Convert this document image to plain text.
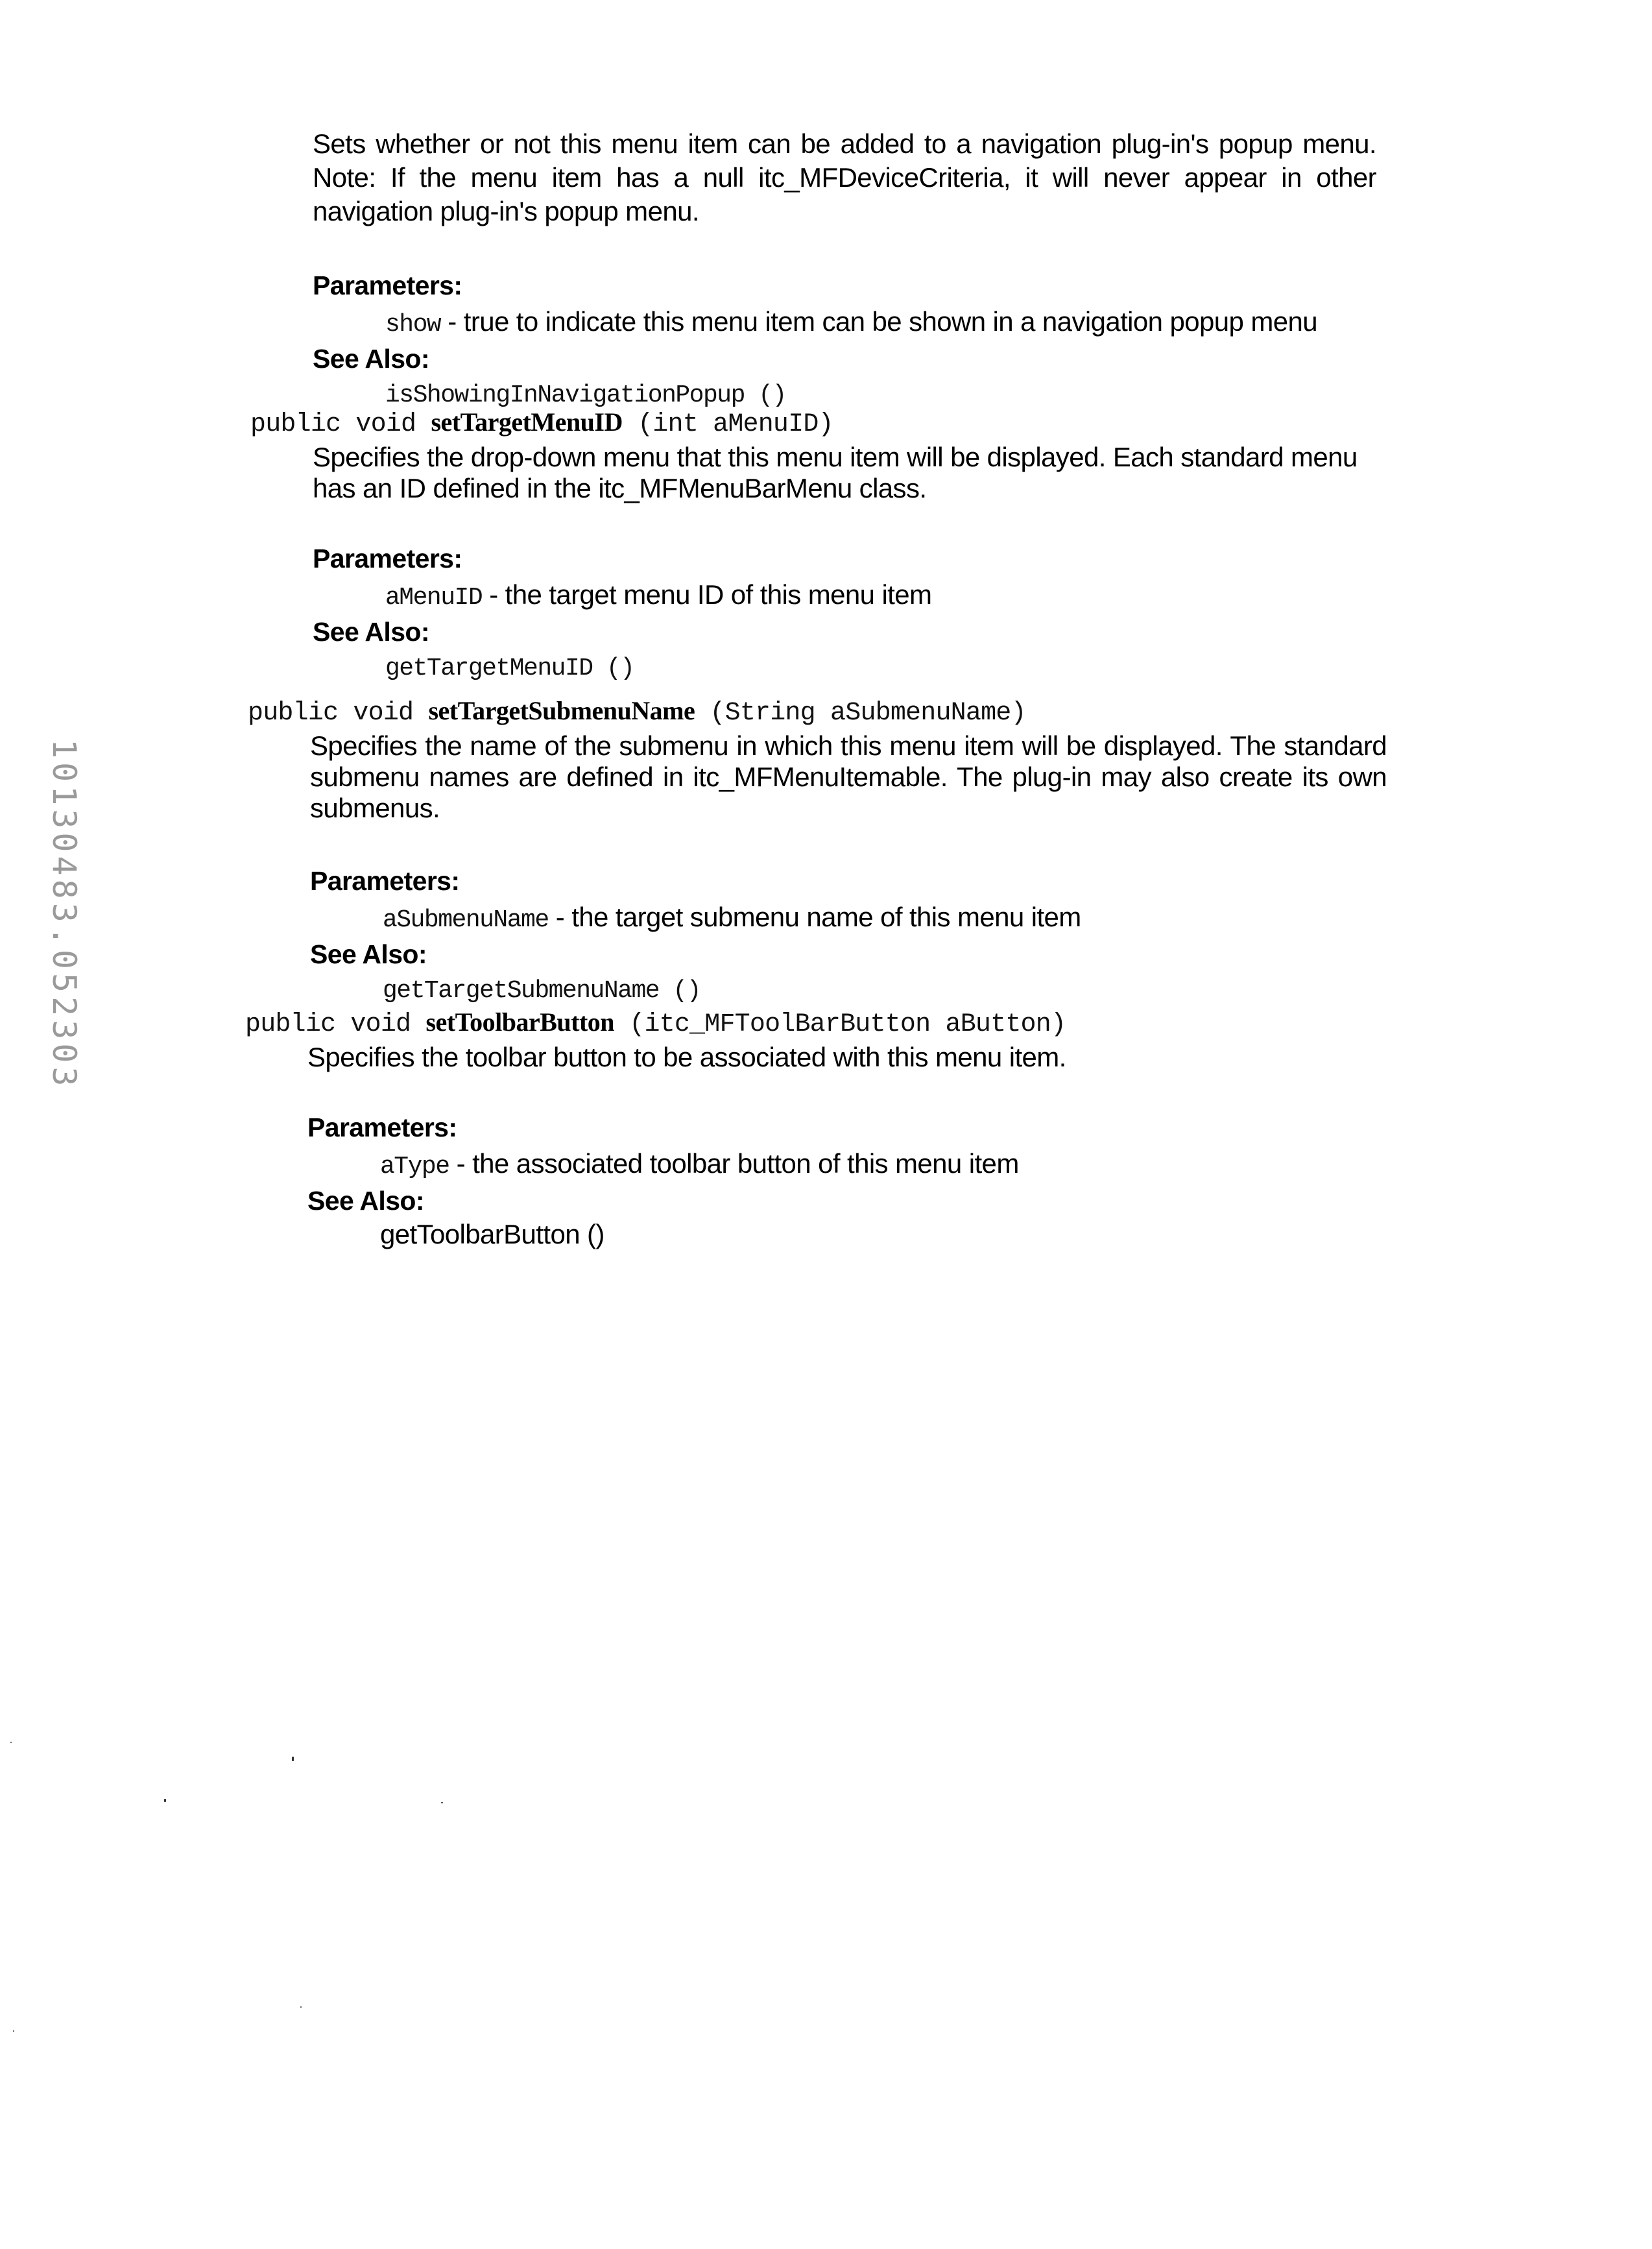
Sets whether or not this menu item can be added to a navigation plug-in's popup menu. Note: If the menu item has a null itc_MFDeviceCriteria, it will never appear in other navigation plug-in's popup menu.
Parameters:
show - true to indicate this menu item can be shown in a navigation popup menu
See Also:
isShowingInNavigationPopup ()
public void setTargetMenuID (int aMenuID)
Specifies the drop-down menu that this menu item will be displayed. Each standard menu has an ID defined in the itc_MFMenuBarMenu class.
Parameters:
aMenuID - the target menu ID of this menu item
See Also:
getTargetMenuID ()
public void setTargetSubmenuName (String aSubmenuName)
Specifies the name of the submenu in which this menu item will be displayed. The standard submenu names are defined in itc_MFMenuItemable. The plug-in may also create its own submenus.
Parameters:
aSubmenuName - the target submenu name of this menu item
See Also:
getTargetSubmenuName ()
public void setToolbarButton (itc_MFToolBarButton aButton)
Specifies the toolbar button to be associated with this menu item.
Parameters:
aType - the associated toolbar button of this menu item
See Also:
getToolbarButton ()
10130483.052303
